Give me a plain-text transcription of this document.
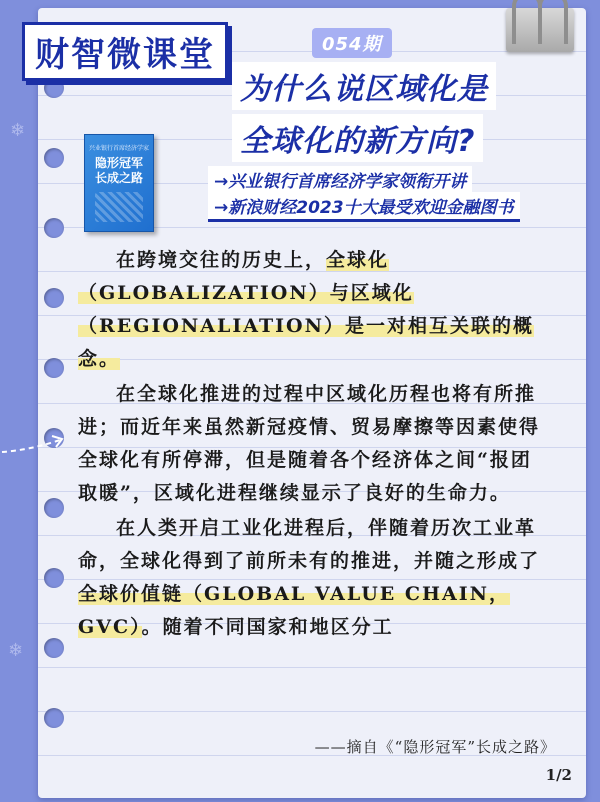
❄
❄
财智微课堂	054期
为什么说区域化是
全球化的新方向?
兴业银行首席经济学家
隐形冠军
长成之路	→兴业银行首席经济学家领衔开讲
→新浪财经2023十大最受欢迎金融图书

在跨境交往的历史上，全球化（GLOBALIZATION）与区域化（REGIONALIATION）是一对相互关联的概念。

在全球化推进的过程中区域化历程也将有所推进；而近年来虽然新冠疫情、贸易摩擦等因素使得全球化有所停滞，但是随着各个经济体之间“报团取暖”，区域化进程继续显示了良好的生命力。

在人类开启工业化进程后，伴随着历次工业革命，全球化得到了前所未有的推进，并随之形成了全球价值链（GLOBAL VALUE CHAIN，GVC）。随着不同国家和地区分工

——摘自《“隐形冠军”长成之路》
1/2
